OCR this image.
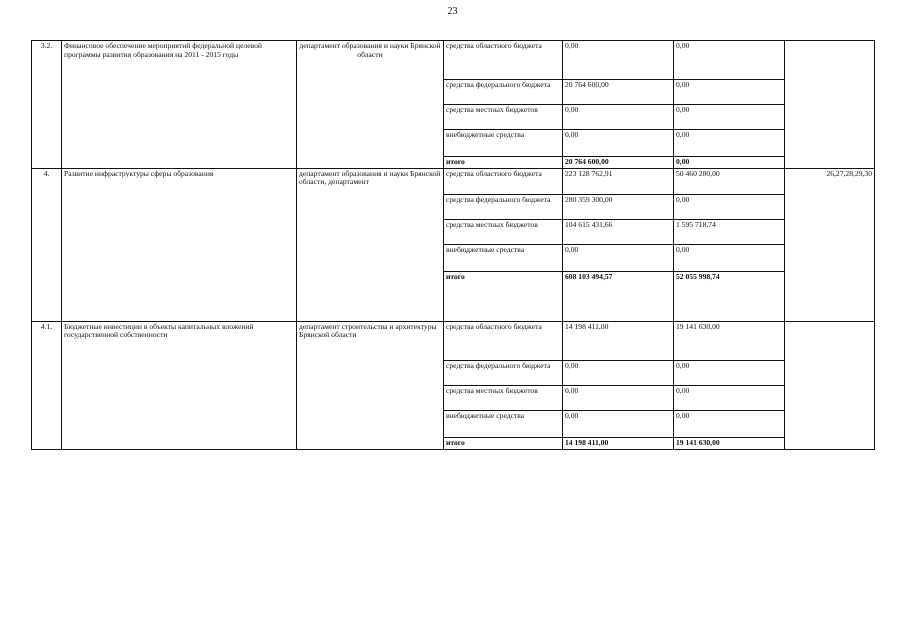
23
3.2.	Финансовое обеспечение мероприятий федеральной целевой программы развития образования на 2011 - 2015 годы	департамент образования и науки Брянской области	средства областного бюджета	0,00	0,00	
			средства федерального бюджета	20 764 600,00	0,00	
			средства местных бюджетов	0,00	0,00	
			внебюджетные средства	0,00	0,00	
			итого	20 764 600,00	0,00	
4.	Развитие инфраструктуры сферы образования	департамент образования и науки Брянской области, департамент	средства областного бюджета	223 128 762,91	50 460 280,00	26,27,28,29,30
			средства федерального бюджета	280 359 300,00	0,00	
			средства местных бюджетов	104 615 431,66	1 595 718,74	
			внебюджетные средства	0,00	0,00	
			итого	608 103 494,57	52 055 998,74	
4.1.	Бюджетные инвестиции в объекты капитальных вложений государственной собственности	департамент строительства и архитектуры Брянской области	средства областного бюджета	14 198 411,00	19 141 630,00	
			средства федерального бюджета	0,00	0,00	
			средства местных бюджетов	0,00	0,00	
			внебюджетные средства	0,00	0,00	
			итого	14 198 411,00	19 141 630,00	
